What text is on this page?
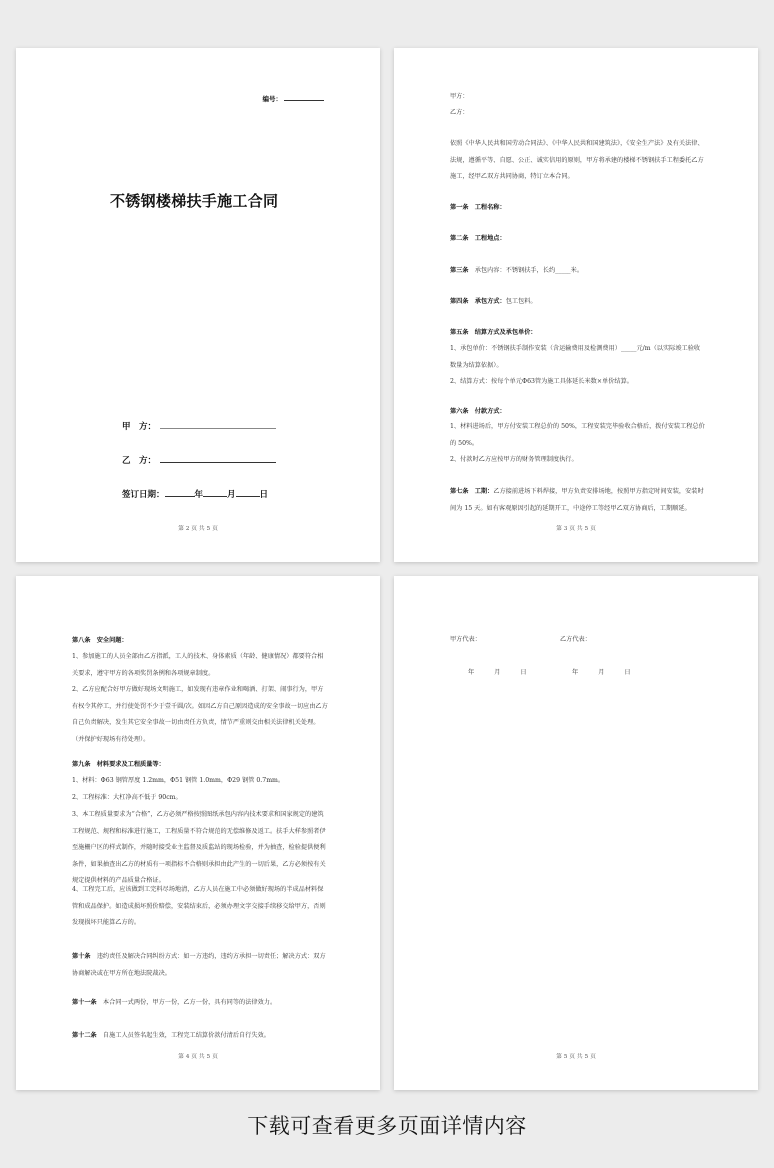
编号：
不锈钢楼梯扶手施工合同
甲　方：
乙　方：
签订日期：	年	月	日
第 2 页 共 5 页
甲方：
乙方：
依照《中华人民共和国劳动合同法》、《中华人民共和国建筑法》，《安全生产法》及有关法律、法规，遵循平等、自愿、公正、诚实信用的原则，甲方将承建的楼梯不锈钢扶手工程委托乙方施工，经甲乙双方共同协商，特订立本合同。
第一条　工程名称：
第二条　工程地点：
第三条　承包内容：不锈钢扶手，长约_____米。
第四条　承包方式：包工包料。
第五条　结算方式及承包单价：
1、承包单价：不锈钢扶手制作安装（含运输费用及检测费用）_____元/m（以实际竣工验收数量为结算依据）。
2、结算方式：按每个单元Φ63管为施工具体延长米数×单价结算。
第六条　付款方式：
1、材料进场后，甲方付安装工程总价的 50%，工程安装完毕验收合格后，拨付安装工程总价的 50%。
2、付款时乙方应按甲方的财务管理制度执行。
第七条　工期：乙方接前进场下料焊接，甲方负责安排场地，按照甲方指定时间安装，安装时间为 15 天。如有客观原因引起的延期开工，中途停工等经甲乙双方协商后，工期顺延。
第 3 页 共 5 页
第八条　安全问题：
1、参加施工的人员全部由乙方指派，工人的技术、身体素质（年龄、健康情况）都要符合相关要求，遵守甲方的各项奖罚条例和各项规章制度。
2、乙方应配合好甲方做好现场文明施工，如发现有违章作业和喝酒、打架、闹事行为，甲方有权令其停工，并行使处罚不少于壹千圆/次。如因乙方自己原因造成的安全事故一切应由乙方自己负责解决，发生其它安全事故一切由责任方负责，情节严重则交由相关法律机关处理。（并保护好现场有待处理）。
第九条　材料要求及工程质量等：
1、材料：Φ63 钢管厚度 1.2mm，Φ51 钢管 1.0mm，Φ29 钢管 0.7mm。
2、工程标准：大杠净高不低于 90cm。
3、本工程质量要求为“合格”，乙方必须严格按照图纸承包内容内技术要求和国家规定的建筑工程规范、规程和标准进行施工，工程质量不符合规范的无偿维修及返工。扶手大样参照者伊至施栅户区的样式制作，并随时接受业主监督及质监站的现场检验，并为抽查，检验提供便利条件，如果抽查出乙方的材质有一项指标不合格则承担由此产生的一切后果，乙方必须按有关规定提供材料的产品质量合格证。
4、工程完工后，应该做到工完料尽场地清，乙方人员在施工中必须做好现场的半成品材料保管和成品保护。如造成损坏照价赔偿，安装结束后，必须办理文字交接手续移交给甲方，否则发现损坏只能算乙方的。
第十条　违约责任及解决合同纠纷方式：如一方违约，违约方承担一切责任；解决方式：双方协商解决或在甲方所在地法院裁决。
第十一条　本合同一式两份，甲方一份，乙方一份，具有同等的法律效力。
第十二条　自施工人员签名起生效，工程完工结算价款付清后自行失效。
第 4 页 共 5 页
甲方代表：	乙方代表：
年	月	日	年	月	日
第 5 页 共 5 页
下载可查看更多页面详情内容
